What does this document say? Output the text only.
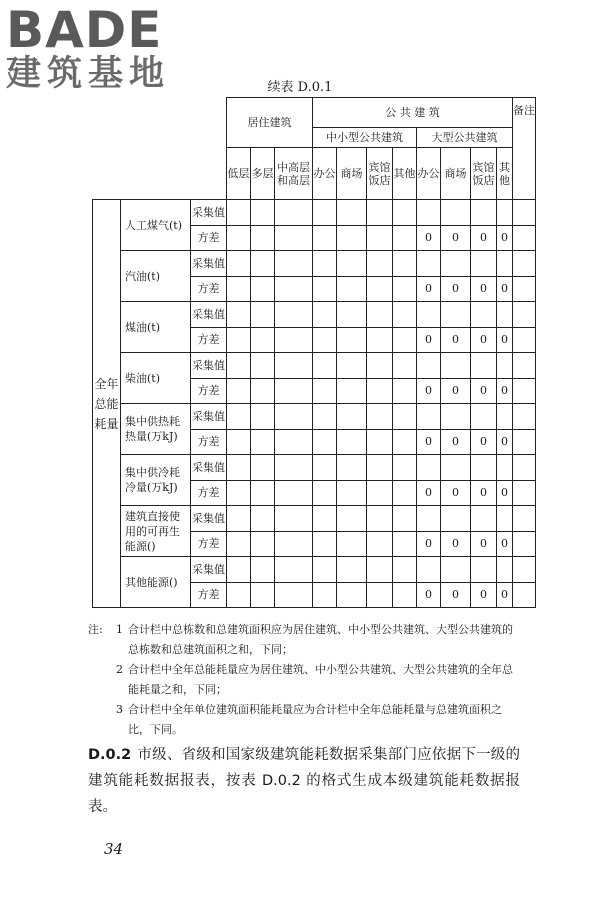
BADE
建筑基地	续表 D.0.1
			居住建筑			公 共 建 筑								备注
						中小型公共建筑				大型公共建筑				
			低层	多层	中高层和高层	办公	商场	宾馆饭店	其他	办公	商场	宾馆饭店	其他	
全年总能耗量	人工煤气(t)	采集值												
		方差								0	0	0	0	
	汽油(t)	采集值												
		方差								0	0	0	0	
	煤油(t)	采集值												
		方差								0	0	0	0	
	柴油(t)	采集值												
		方差								0	0	0	0	
	集中供热耗热量(万kJ)	采集值												
		方差								0	0	0	0	
	集中供冷耗冷量(万kJ)	采集值												
		方差								0	0	0	0	
	建筑直接使用的可再生能源()	采集值												
		方差								0	0	0	0	
	其他能源()	采集值												
		方差								0	0	0	0	
注: 1 合计栏中总栋数和总建筑面积应为居住建筑、中小型公共建筑、大型公共建筑的总栋数和总建筑面积之和，下同；
2 合计栏中全年总能耗量应为居住建筑、中小型公共建筑、大型公共建筑的全年总能耗量之和，下同；
3 合计栏中全年单位建筑面积能耗量应为合计栏中全年总能耗量与总建筑面积之比，下同。
D.0.2 市级、省级和国家级建筑能耗数据采集部门应依据下一级的建筑能耗数据报表，按表 D.0.2 的格式生成本级建筑能耗数据报表。
34
